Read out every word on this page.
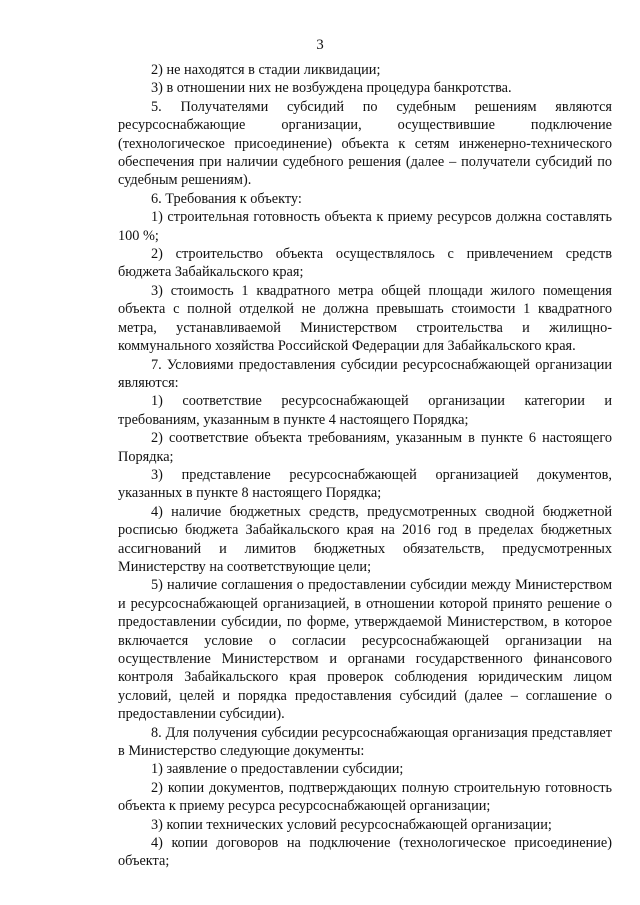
3

2) не находятся в стадии ликвидации;

3) в отношении них не возбуждена процедура банкротства.

5. Получателями субсидий по судебным решениям являются ресурсоснабжающие организации, осуществившие подключение (технологическое присоединение) объекта к сетям инженерно-технического обеспечения при наличии судебного решения (далее – получатели субсидий по судебным решениям).

6. Требования к объекту:

1) строительная готовность объекта к приему ресурсов должна составлять 100 %;

2) строительство объекта осуществлялось с привлечением средств бюджета Забайкальского края;

3) стоимость 1 квадратного метра общей площади жилого помещения объекта с полной отделкой не должна превышать стоимости 1 квадратного метра, устанавливаемой Министерством строительства и жилищно-коммунального хозяйства Российской Федерации для Забайкальского края.

7. Условиями предоставления субсидии ресурсоснабжающей организации являются:

1) соответствие ресурсоснабжающей организации категории и требованиям, указанным в пункте 4 настоящего Порядка;

2) соответствие объекта требованиям, указанным в пункте 6 настоящего Порядка;

3) представление ресурсоснабжающей организацией документов, указанных в пункте 8 настоящего Порядка;

4) наличие бюджетных средств, предусмотренных сводной бюджетной росписью бюджета Забайкальского края на 2016 год в пределах бюджетных ассигнований и лимитов бюджетных обязательств, предусмотренных Министерству на соответствующие цели;

5) наличие соглашения о предоставлении субсидии между Министерством и ресурсоснабжающей организацией, в отношении которой принято решение о предоставлении субсидии, по форме, утверждаемой Министерством, в которое включается условие о согласии ресурсоснабжающей организации на осуществление Министерством и органами государственного финансового контроля Забайкальского края проверок соблюдения юридическим лицом условий, целей и порядка предоставления субсидий (далее – соглашение о предоставлении субсидии).

8. Для получения субсидии ресурсоснабжающая организация представляет в Министерство следующие документы:

1) заявление о предоставлении субсидии;

2) копии документов, подтверждающих полную строительную готовность объекта к приему ресурса ресурсоснабжающей организации;

3) копии технических условий ресурсоснабжающей организации;

4) копии договоров на подключение (технологическое присоединение) объекта;
